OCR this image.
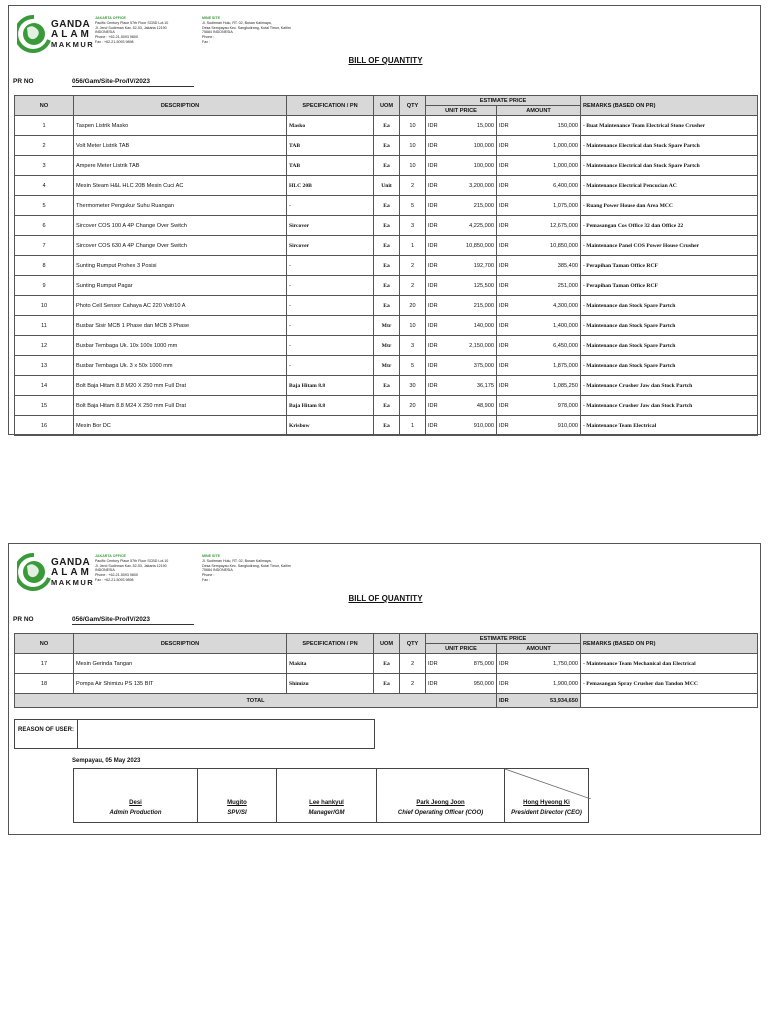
GANDA
ALAM
MAKMUR
JAKARTA OFFICE
Pacific Century Place 57th Floor SCBD Lot.10
Jl. Jend Sudirman Kav. 52-53, Jakarta 12190
INDONESIA
Phone : +62-21-5093 9800
Fax : +62-21-5093 9898
MINE SITE
Jl. Sudirman Hulu, RT. 02, Busan Kalimaya,
Desa Sempayau Kec. Sangkulirang, Kutai Timur, Kaltim
75684 INDONESIA
Phone :
Fax :
BILL OF QUANTITY
PR NO	056/Gam/Site-Pro/IV/2023
NO	DESCRIPTION	SPECIFICATION / PN	UOM	QTY	ESTIMATE PRICE				REMARKS (BASED ON PR)
					UNIT PRICE		AMOUNT		
1	Taspen Listrik Masko	Masko	Ea	10	IDR	15,000	IDR	150,000	- Buat Maintenance Team Electrical Stone Crusher
2	Volt Meter Listrik TAB	TAB	Ea	10	IDR	100,000	IDR	1,000,000	- Maintenance Electrical dan Stock Spare Partch
3	Ampere Meter Listrik TAB	TAB	Ea	10	IDR	100,000	IDR	1,000,000	- Maintenance Electrical dan Stock Spare Partch
4	Mesin Steam H&L HLC 20B Mesin Cuci AC	HLC 20B	Unit	2	IDR	3,200,000	IDR	6,400,000	- Maintenance Electrical Pencucian AC
5	Thermometer Pengukur Suhu Ruangan	-	Ea	5	IDR	215,000	IDR	1,075,000	- Ruang Power House dan Area MCC
6	Sircover COS 100 A 4P Change Over Switch	Sircover	Ea	3	IDR	4,225,000	IDR	12,675,000	- Pemasangan Cos Office 32 dan Office 22
7	Sircover COS 630 A 4P Change Over Switch	Sircover	Ea	1	IDR	10,850,000	IDR	10,850,000	- Maintenance Panel COS Power House Crusher
8	Sunting Rumput Prohex 3 Posisi	-	Ea	2	IDR	192,700	IDR	385,400	- Perapihan Taman Office RCF
9	Sunting Rumput Pagar	-	Ea	2	IDR	125,500	IDR	251,000	- Perapihan Taman Office RCF
10	Photo Cell Sensor Cahaya AC 220 Volt/10 A	-	Ea	20	IDR	215,000	IDR	4,300,000	- Maintenance dan Stock Spare Partch
11	Busbar Sisir MCB 1 Phase dan MCB 3 Phase	-	Mtr	10	IDR	140,000	IDR	1,400,000	- Maintenance dan Stock Spare Partch
12	Busbar Tembaga Uk. 10x 100x 1000 mm	-	Mtr	3	IDR	2,150,000	IDR	6,450,000	- Maintenance dan Stock Spare Partch
13	Busbar Tembaga Uk. 3 x 50x 1000 mm	-	Mtr	5	IDR	375,000	IDR	1,875,000	- Maintenance dan Stock Spare Partch
14	Bolt Baja Hitam 8.8 M20 X 250 mm Full Drat	Baja Hitam 8.8	Ea	30	IDR	36,175	IDR	1,085,250	- Maintenance Crusher Jaw dan Stock Partch
15	Bolt Baja Hitam 8.8 M24 X 250 mm Full Drat	Baja Hitam 8.8	Ea	20	IDR	48,900	IDR	978,000	- Maintenance Crusher Jaw dan Stock Partch
16	Mesin Bor DC	Krisbow	Ea	1	IDR	910,000	IDR	910,000	- Maintenance Team Electrical
GANDA
ALAM
MAKMUR
JAKARTA OFFICE
Pacific Century Place 57th Floor SCBD Lot.10
Jl. Jend Sudirman Kav. 52-53, Jakarta 12190
INDONESIA
Phone : +62-21-5093 9800
Fax : +62-21-5093 9898
MINE SITE
Jl. Sudirman Hulu, RT. 02, Busan Kalimaya,
Desa Sempayau Kec. Sangkulirang, Kutai Timur, Kaltim
75684 INDONESIA
Phone :
Fax :
BILL OF QUANTITY
PR NO	056/Gam/Site-Pro/IV/2023
NO	DESCRIPTION	SPECIFICATION / PN	UOM	QTY	ESTIMATE PRICE				REMARKS (BASED ON PR)
					UNIT PRICE		AMOUNT		
17	Mesin Gerinda Tangan	Makita	Ea	2	IDR	875,000	IDR	1,750,000	- Maintenance Team Mechanical dan Electrical
18	Pompa Air Shimizu PS 135 BIT	Shimizu	Ea	2	IDR	950,000	IDR	1,900,000	- Pemasangan Spray Crusher dan Tandon MCC
TOTAL							IDR	53,934,650	
REASON OF USER:
Sempayau, 05 May 2023
Desi
Admin Production
Mugito
SPV/SI
Lee hankyul
Manager/GM
Park Jeong Joon
Chief Operating Officer (COO)
Hong Hyeong Ki
President Director (CEO)
